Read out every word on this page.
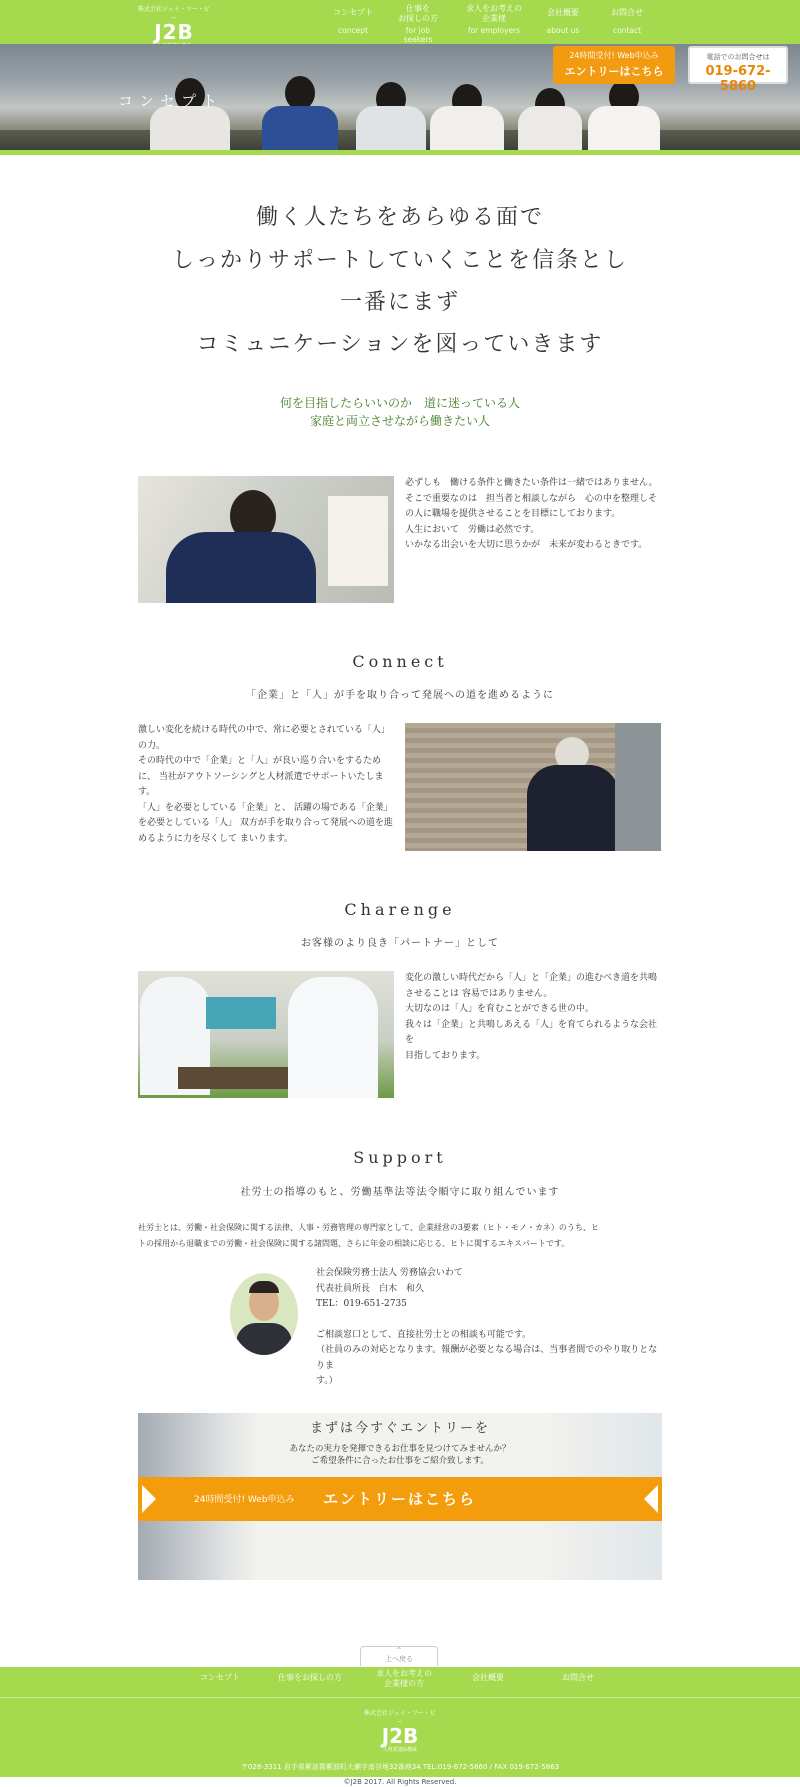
株式会社ジェイ・ツー・ビー
J2B
コンセプト
concept
仕事を
お探しの方
for job seekers
求人をお考えの
企業様
for employers
会社概要
about us
お問合せ
contact
コンセプト
24時間受付! Web申込み
エントリーはこちら
電話でのお問合せは
019-672-5860
働く人たちをあらゆる面で
しっかりサポートしていくことを信条とし
一番にまず
コミュニケーションを図っていきます
何を目指したらいいのか　道に迷っている人
家庭と両立させながら働きたい人
必ずしも　働ける条件と働きたい条件は一緒ではありません。
そこで重要なのは　担当者と相談しながら　心の中を整理しそ
の人に職場を提供させることを目標にしております。
人生において　労働は必然です。
いかなる出会いを大切に思うかが　未来が変わるときです。
Connect
「企業」と「人」が手を取り合って発展への道を進めるように
激しい変化を続ける時代の中で、常に必要とされている「人」
の力。
その時代の中で「企業」と「人」が良い巡り合いをするため
に、 当社がアウトソーシングと人材派遣でサポートいたします。
「人」を必要としている「企業」と、 活躍の場である「企業」
を必要としている「人」 双方が手を取り合って発展への道を進
めるように力を尽くして まいります。
Charenge
お客様のより良き「パートナー」として
変化の激しい時代だから「人」と「企業」の進むべき道を共鳴
させることは 容易ではありません。
大切なのは「人」を育むことができる世の中。
我々は「企業」と共鳴しあえる「人」を育てられるような会社を
目指しております。
Support
社労士の指導のもと、労働基準法等法令順守に取り組んでいます
社労士とは、労働・社会保険に関する法律、人事・労務管理の専門家として、企業経営の3要素（ヒト・モノ・カネ）のうち、ヒ
トの採用から退職までの労働・社会保険に関する諸問題、さらに年金の相談に応じる、ヒトに関するエキスパートです。
社会保険労務士法人 労務協会いわて
代表社員所長　白木　和久
TEL：019-651-2735
ご相談窓口として、直接社労士との相談も可能です。
（社員のみの対応となります。報酬が必要となる場合は、当事者間でのやり取りとなりま
す。）
まずは今すぐエントリーを
あなたの実力を発揮できるお仕事を見つけてみませんか？
ご希望条件に合ったお仕事をご紹介致します。
24時間受付! Web申込み エントリーはこちら
^
上へ戻る
コンセプト	仕事をお探しの方	求人をお考えの
企業様の方
会社概要	お問合せ
株式会社ジェイ・ツー・ビー
J2B
人材派遣&構成
〒028-3311 岩手県紫波郡紫波町大瀬字南谷地32番地34 TEL:019-672-5860 / FAX 019-672-5863
©J2B 2017. All Rights Reserved.
